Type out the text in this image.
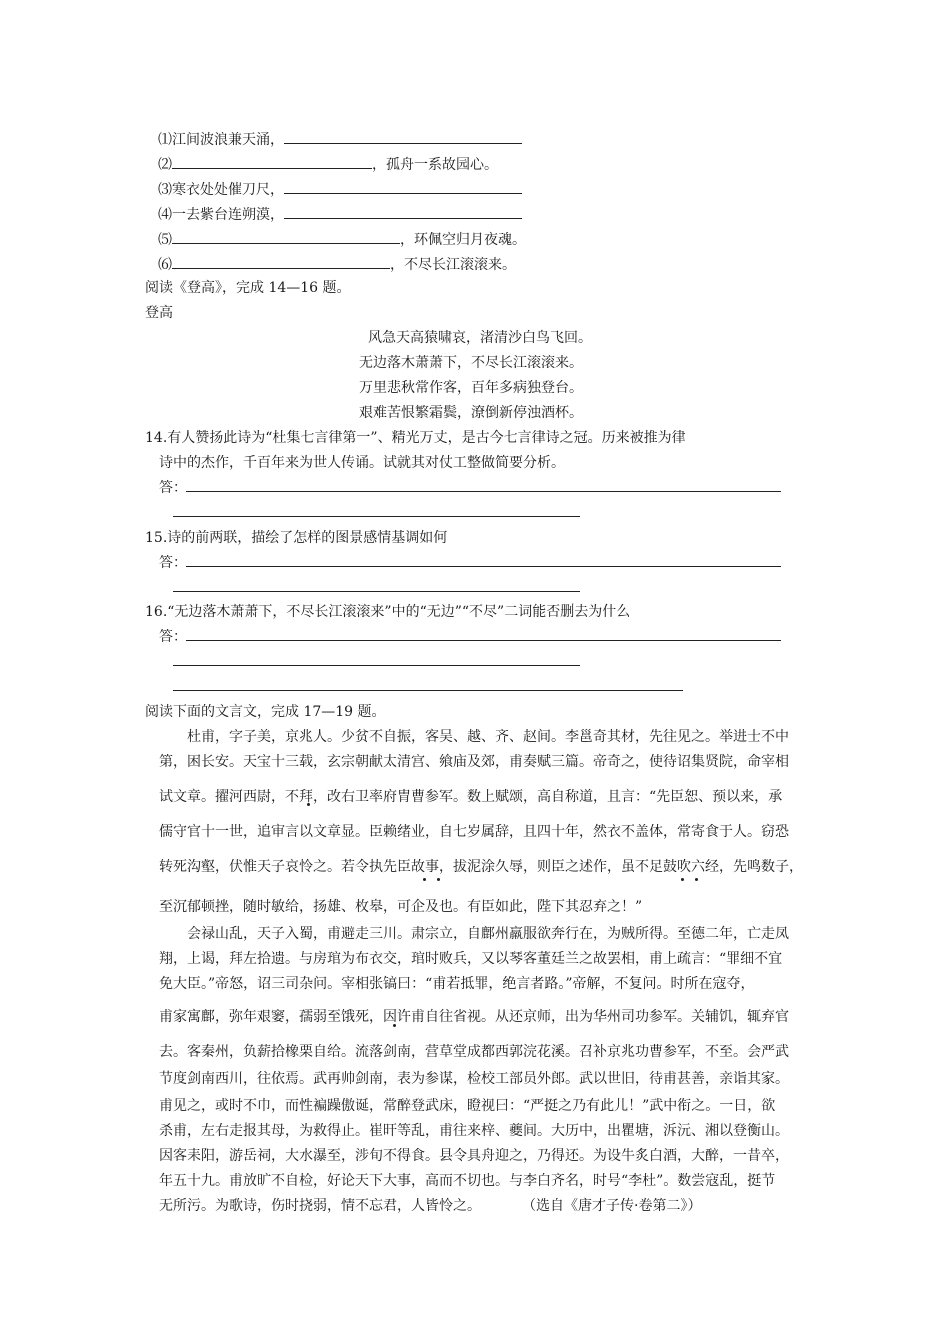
⑴江间波浪兼天涌，
⑵	，孤舟一系故园心。
⑶寒衣处处催刀尺，
⑷一去紫台连朔漠，
⑸	，环佩空归月夜魂。
⑹	，不尽长江滚滚来。
阅读《登高》，完成 14—16 题。
登高
风急天高猿啸哀，渚清沙白鸟飞回。
无边落木萧萧下，不尽长江滚滚来。
万里悲秋常作客，百年多病独登台。
艰难苦恨繁霜鬓，潦倒新停浊酒杯。
14.有人赞扬此诗为“杜集七言律第一”、精光万丈，是古今七言律诗之冠。历来被推为律
诗中的杰作，千百年来为世人传诵。试就其对仗工整做简要分析。
答：
15.诗的前两联，描绘了怎样的图景感情基调如何
答：
16.“无边落木萧萧下，不尽长江滚滚来”中的“无边”“不尽”二词能否删去为什么
答：
阅读下面的文言文，完成 17—19 题。
杜甫，字子美，京兆人。少贫不自振，客吴、越、齐、赵间。李邕奇其材，先往见之。举进士不中
第，困长安。天宝十三载，玄宗朝献太清宫、飨庙及郊，甫奏赋三篇。帝奇之，使待诏集贤院，命宰相
试文章。擢河西尉，不拜，改右卫率府胄曹参军。数上赋颂，高自称道，且言：“先臣恕、预以来，承
儒守官十一世，追审言以文章显。臣赖绪业，自七岁属辞，且四十年，然衣不盖体，常寄食于人。窃恐
转死沟壑，伏惟天子哀怜之。若令执先臣故事，拔泥涂久辱，则臣之述作，虽不足鼓吹六经，先鸣数子，
至沉郁顿挫，随时敏给，扬雄、枚皋，可企及也。有臣如此，陛下其忍弃之！”
会禄山乱，天子入蜀，甫避走三川。肃宗立，自鄜州羸服欲奔行在，为贼所得。至德二年，亡走凤
翔，上谒，拜左拾遗。与房琯为布衣交，琯时败兵，又以琴客董廷兰之故罢相，甫上疏言：“罪细不宜
免大臣。”帝怒，诏三司杂问。宰相张镐曰：“甫若抵罪，绝言者路。”帝解，不复问。时所在寇夺，
甫家寓鄜，弥年艰窭，孺弱至饿死，因许甫自往省视。从还京师，出为华州司功参军。关辅饥，辄弃官
去。客秦州，负薪拾橡栗自给。流落剑南，营草堂成都西郭浣花溪。召补京兆功曹参军，不至。会严武
节度剑南西川，往依焉。武再帅剑南，表为参谋，检校工部员外郎。武以世旧，待甫甚善，亲诣其家。
甫见之，或时不巾，而性褊躁傲诞，常醉登武床，瞪视曰：“严挺之乃有此儿！”武中衔之。一日，欲
杀甫，左右走报其母，为救得止。崔旰等乱，甫往来梓、夔间。大历中，出瞿塘，泝沅、湘以登衡山。
因客耒阳，游岳祠，大水瀑至，涉旬不得食。县令具舟迎之，乃得还。为设牛炙白酒，大醉，一昔卒，
年五十九。甫放旷不自检，好论天下大事，高而不切也。与李白齐名，时号“李杜”。数尝寇乱，挺节
无所污。为歌诗，伤时挠弱，情不忘君，人皆怜之。	（选自《唐才子传·卷第二》）
